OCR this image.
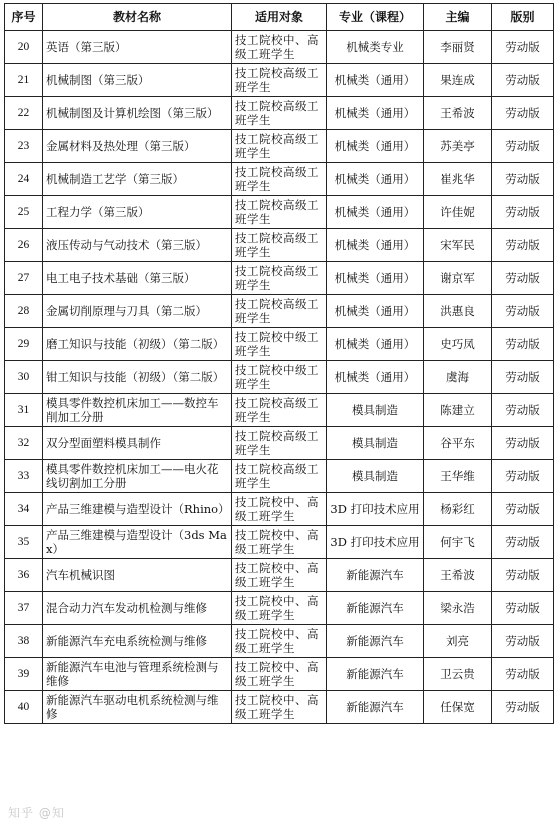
序号	教材名称	适用对象	专业（课程）	主编	版别
20	英语（第三版）	技工院校中、高级工班学生	机械类专业	李丽贤	劳动版
21	机械制图（第三版）	技工院校高级工班学生	机械类（通用）	果连成	劳动版
22	机械制图及计算机绘图（第三版）	技工院校高级工班学生	机械类（通用）	王希波	劳动版
23	金属材料及热处理（第三版）	技工院校高级工班学生	机械类（通用）	苏美亭	劳动版
24	机械制造工艺学（第三版）	技工院校高级工班学生	机械类（通用）	崔兆华	劳动版
25	工程力学（第三版）	技工院校高级工班学生	机械类（通用）	许佳妮	劳动版
26	液压传动与气动技术（第三版）	技工院校高级工班学生	机械类（通用）	宋军民	劳动版
27	电工电子技术基础（第三版）	技工院校高级工班学生	机械类（通用）	谢京军	劳动版
28	金属切削原理与刀具（第二版）	技工院校高级工班学生	机械类（通用）	洪惠良	劳动版
29	磨工知识与技能（初级）（第二版）	技工院校中级工班学生	机械类（通用）	史巧凤	劳动版
30	钳工知识与技能（初级）（第二版）	技工院校中级工班学生	机械类（通用）	虞海	劳动版
31	模具零件数控机床加工——数控车削加工分册	技工院校高级工班学生	模具制造	陈建立	劳动版
32	双分型面塑料模具制作	技工院校高级工班学生	模具制造	谷平东	劳动版
33	模具零件数控机床加工——电火花线切割加工分册	技工院校高级工班学生	模具制造	王华维	劳动版
34	产品三维建模与造型设计（Rhino）	技工院校中、高级工班学生	3D 打印技术应用	杨彩红	劳动版
35	产品三维建模与造型设计（3ds Max）	技工院校中、高级工班学生	3D 打印技术应用	何宇飞	劳动版
36	汽车机械识图	技工院校中、高级工班学生	新能源汽车	王希波	劳动版
37	混合动力汽车发动机检测与维修	技工院校中、高级工班学生	新能源汽车	梁永浩	劳动版
38	新能源汽车充电系统检测与维修	技工院校中、高级工班学生	新能源汽车	刘亮	劳动版
39	新能源汽车电池与管理系统检测与维修	技工院校中、高级工班学生	新能源汽车	卫云贵	劳动版
40	新能源汽车驱动电机系统检测与维修	技工院校中、高级工班学生	新能源汽车	任保宽	劳动版
知乎 @知
